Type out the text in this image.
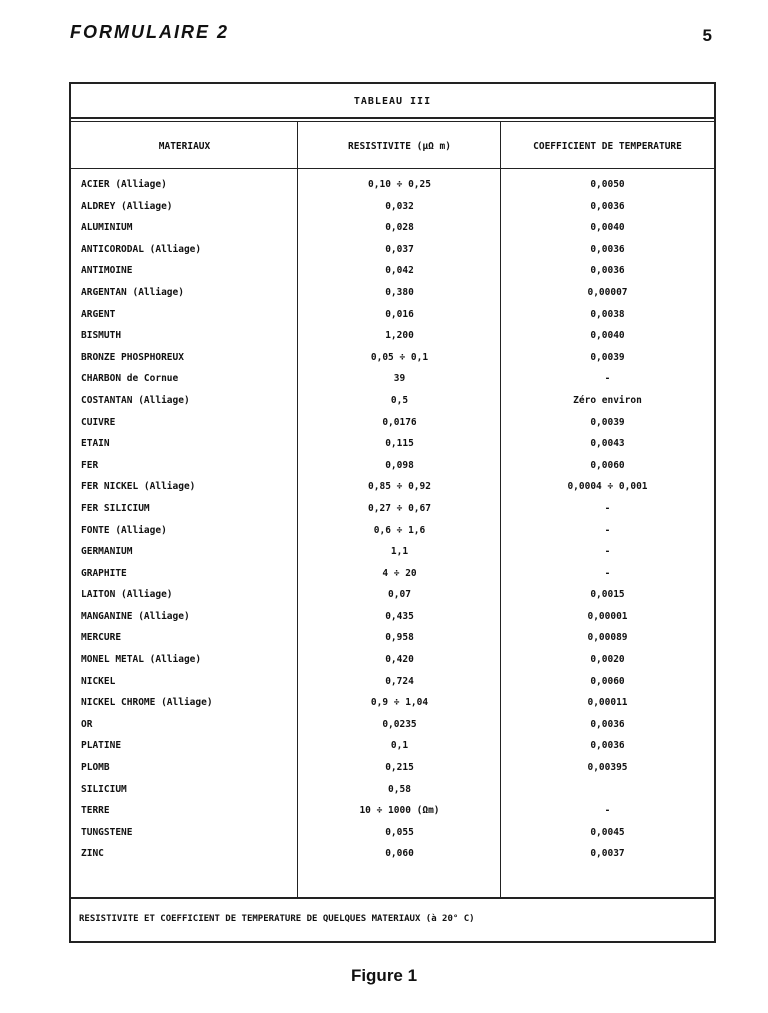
FORMULAIRE 2	5
TABLEAU III
MATERIAUX	RESISTIVITE (μΩ m)	COEFFICIENT DE TEMPERATURE
ACIER (Alliage)	0,10 ÷ 0,25	0,0050
ALDREY (Alliage)	0,032	0,0036
ALUMINIUM	0,028	0,0040
ANTICORODAL (Alliage)	0,037	0,0036
ANTIMOINE	0,042	0,0036
ARGENTAN (Alliage)	0,380	0,00007
ARGENT	0,016	0,0038
BISMUTH	1,200	0,0040
BRONZE PHOSPHOREUX	0,05 ÷ 0,1	0,0039
CHARBON de Cornue	39	-
COSTANTAN (Alliage)	0,5	Zéro environ
CUIVRE	0,0176	0,0039
ETAIN	0,115	0,0043
FER	0,098	0,0060
FER NICKEL (Alliage)	0,85 ÷ 0,92	0,0004 ÷ 0,001
FER SILICIUM	0,27 ÷ 0,67	-
FONTE (Alliage)	0,6 ÷ 1,6	-
GERMANIUM	1,1	-
GRAPHITE	4 ÷ 20	-
LAITON (Alliage)	0,07	0,0015
MANGANINE (Alliage)	0,435	0,00001
MERCURE	0,958	0,00089
MONEL METAL (Alliage)	0,420	0,0020
NICKEL	0,724	0,0060
NICKEL CHROME (Alliage)	0,9 ÷ 1,04	0,00011
OR	0,0235	0,0036
PLATINE	0,1	0,0036
PLOMB	0,215	0,00395
SILICIUM	0,58
TERRE	10 ÷ 1000 (Ωm)	-
TUNGSTENE	0,055	0,0045
ZINC	0,060	0,0037
RESISTIVITE ET COEFFICIENT DE TEMPERATURE DE QUELQUES MATERIAUX (à 20° C)
Figure 1
